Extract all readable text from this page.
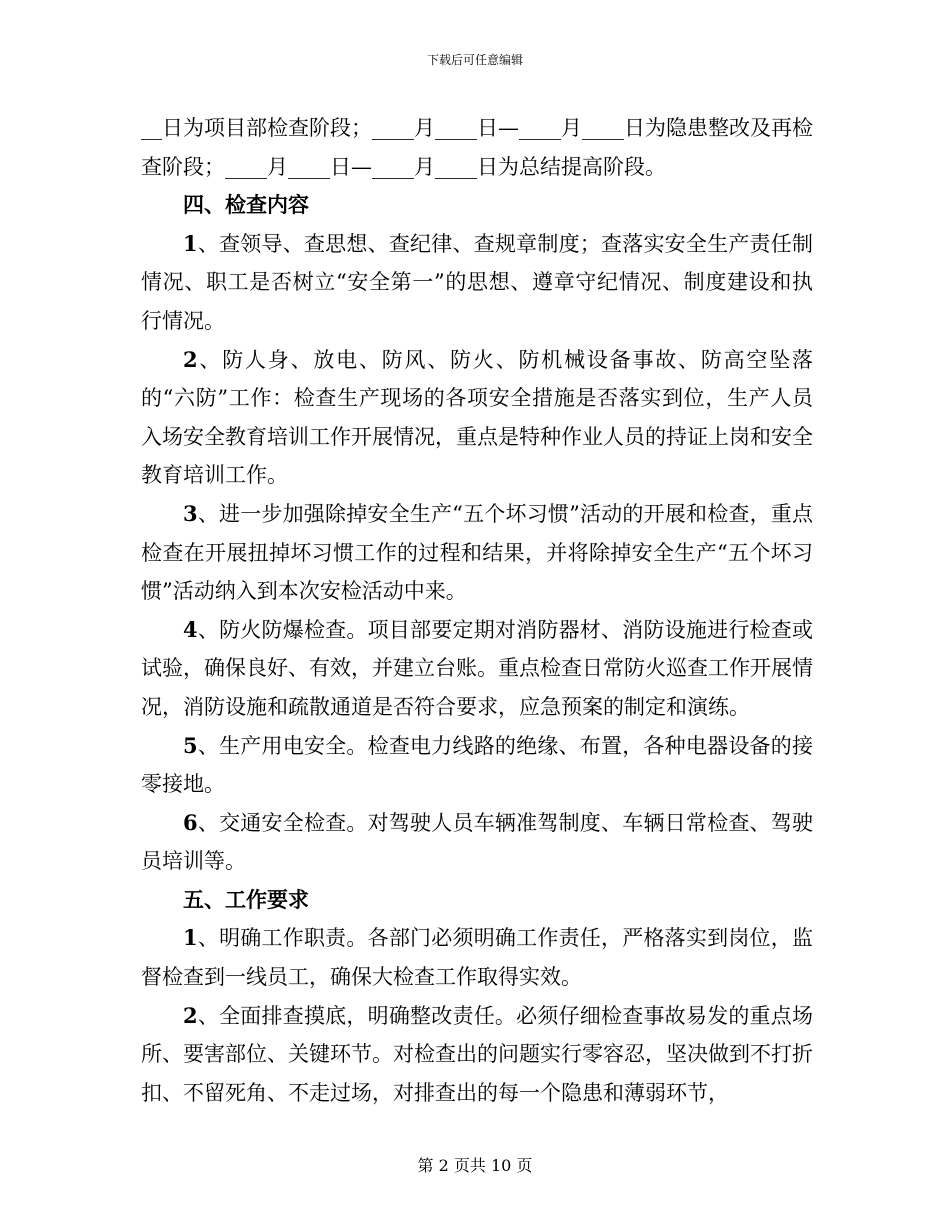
下载后可任意编辑

__日为项目部检查阶段；____月____日—____月____日为隐患整改及再检查阶段；____月____日—____月____日为总结提高阶段。

四、检查内容

1、查领导、查思想、查纪律、查规章制度；查落实安全生产责任制情况、职工是否树立“安全第一”的思想、遵章守纪情况、制度建设和执行情况。

2、防人身、放电、防风、防火、防机械设备事故、防高空坠落的“六防”工作：检查生产现场的各项安全措施是否落实到位，生产人员入场安全教育培训工作开展情况，重点是特种作业人员的持证上岗和安全教育培训工作。

3、进一步加强除掉安全生产“五个坏习惯”活动的开展和检查，重点检查在开展扭掉坏习惯工作的过程和结果，并将除掉安全生产“五个坏习惯”活动纳入到本次安检活动中来。

4、防火防爆检查。项目部要定期对消防器材、消防设施进行检查或试验，确保良好、有效，并建立台账。重点检查日常防火巡查工作开展情况，消防设施和疏散通道是否符合要求，应急预案的制定和演练。

5、生产用电安全。检查电力线路的绝缘、布置，各种电器设备的接零接地。

6、交通安全检查。对驾驶人员车辆准驾制度、车辆日常检查、驾驶员培训等。

五、工作要求

1、明确工作职责。各部门必须明确工作责任，严格落实到岗位，监督检查到一线员工，确保大检查工作取得实效。

2、全面排查摸底，明确整改责任。必须仔细检查事故易发的重点场所、要害部位、关键环节。对检查出的问题实行零容忍，坚决做到不打折扣、不留死角、不走过场，对排查出的每一个隐患和薄弱环节，

第 2 页共 10 页
